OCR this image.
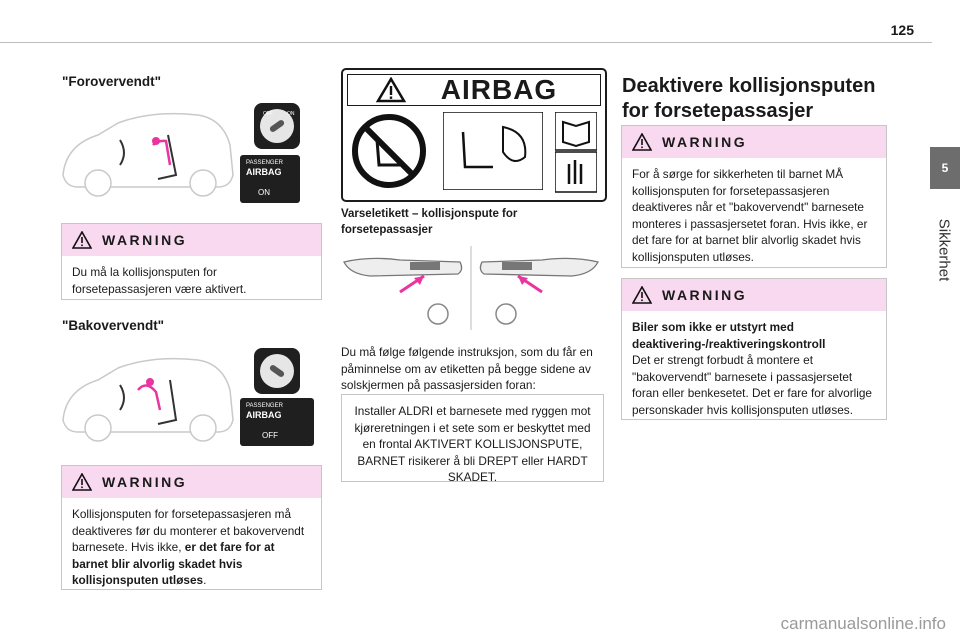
125
5
Sikkerhet
"Forovervendt"
OFF	ON
PASSENGER
AIRBAG
ON
WARNING
Du må la kollisjonsputen for forsetepassasjeren være aktivert.
"Bakovervendt"
PASSENGER
AIRBAG
OFF
WARNING
Kollisjonsputen for forsetepassasjeren må deaktiveres før du monterer et bakovervendt barnesete. Hvis ikke, er det fare for at barnet blir alvorlig skadet hvis kollisjonsputen utløses.
AIRBAG
Varseletikett – kollisjonspute for forsetepassasjer
Du må følge følgende instruksjon, som du får en påminnelse om av etiketten på begge sidene av solskjermen på passasjersiden foran:
Installer ALDRI et barnesete med ryggen mot kjøreretningen i et sete som er beskyttet med en frontal AKTIVERT KOLLISJONSPUTE, BARNET risikerer å bli DREPT eller HARDT SKADET.
Deaktivere kollisjonsputen for forsetepassasjer
WARNING
For å sørge for sikkerheten til barnet MÅ kollisjonsputen for forsetepassasjeren deaktiveres når et "bakovervendt" barnesete monteres i passasjersetet foran. Hvis ikke, er det fare for at barnet blir alvorlig skadet hvis kollisjonsputen utløses.
WARNING
Biler som ikke er utstyrt med deaktivering-/reaktiveringskontroll
Det er strengt forbudt å montere et "bakovervendt" barnesete i passasjersetet foran eller benkesetet. Det er fare for alvorlige personskader hvis kollisjonsputen utløses.
carmanualsonline.info
